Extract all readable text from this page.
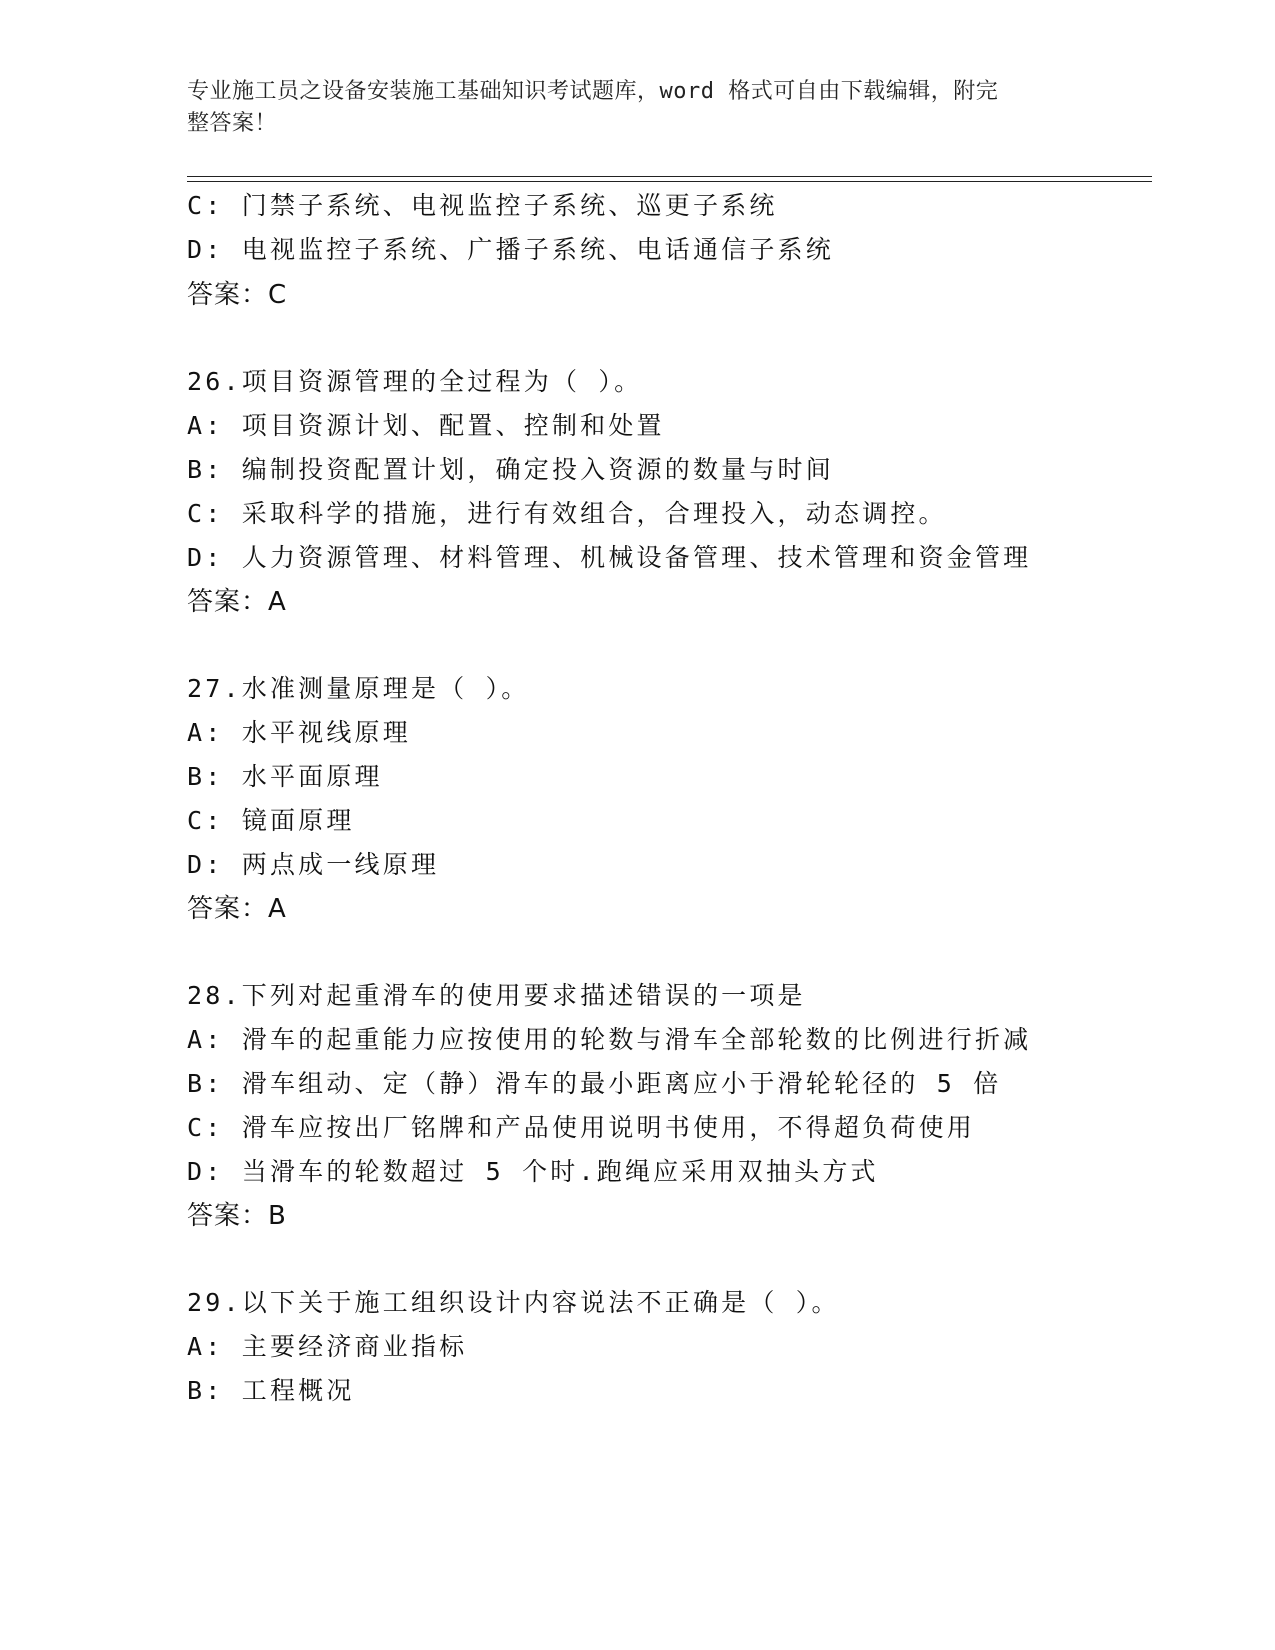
专业施工员之设备安装施工基础知识考试题库，word 格式可自由下载编辑，附完
整答案！
C: 门禁子系统、电视监控子系统、巡更子系统
D: 电视监控子系统、广播子系统、电话通信子系统
答案：C
26.项目资源管理的全过程为（ ）。
A: 项目资源计划、配置、控制和处置
B: 编制投资配置计划，确定投入资源的数量与时间
C: 采取科学的措施，进行有效组合，合理投入，动态调控。
D: 人力资源管理、材料管理、机械设备管理、技术管理和资金管理
答案：A
27.水准测量原理是（ ）。
A: 水平视线原理
B: 水平面原理
C: 镜面原理
D: 两点成一线原理
答案：A
28.下列对起重滑车的使用要求描述错误的一项是
A: 滑车的起重能力应按使用的轮数与滑车全部轮数的比例进行折减
B: 滑车组动、定（静）滑车的最小距离应小于滑轮轮径的 5 倍
C: 滑车应按出厂铭牌和产品使用说明书使用，不得超负荷使用
D: 当滑车的轮数超过 5 个时.跑绳应采用双抽头方式
答案：B
29.以下关于施工组织设计内容说法不正确是（ ）。
A: 主要经济商业指标
B: 工程概况
